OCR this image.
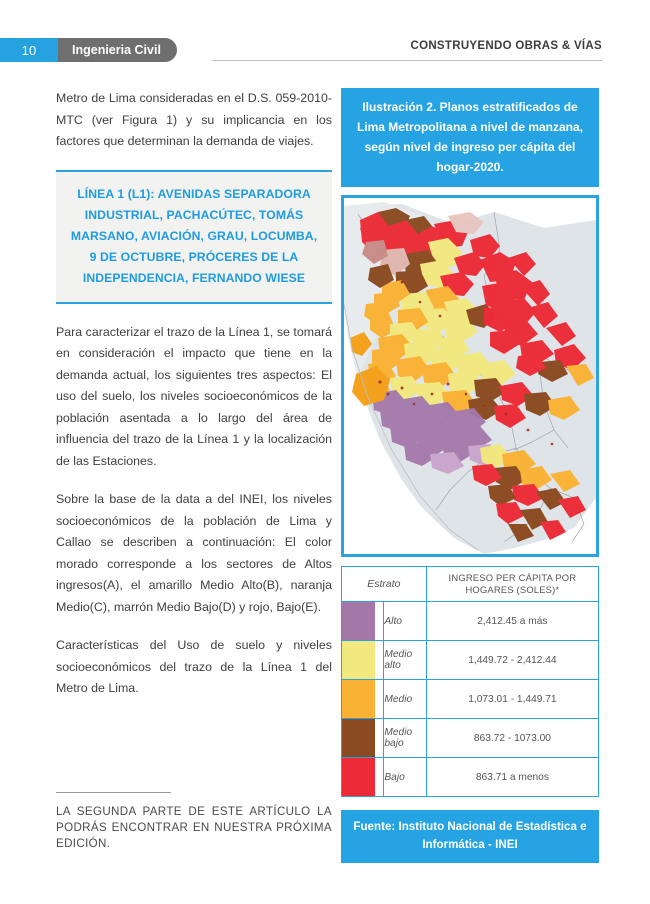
10	Ingenieria Civil	CONSTRUYENDO OBRAS & VÍAS

Metro de Lima consideradas en el D.S. 059-2010-MTC (ver Figura 1) y su implicancia en los factores que determinan la demanda de viajes.

LÍNEA 1 (L1): AVENIDAS SEPARADORA INDUSTRIAL, PACHACÚTEC, TOMÁS MARSANO, AVIACIÓN, GRAU, LOCUMBA, 9 DE OCTUBRE, PRÓCERES DE LA INDEPENDENCIA, FERNANDO WIESE

Para caracterizar el trazo de la Línea 1, se tomará en consideración el impacto que tiene en la demanda actual, los siguientes tres aspectos: El uso del suelo, los niveles socioeconómicos de la población asentada a lo largo del área de influencia del trazo de la Línea 1 y la localización de las Estaciones.

Sobre la base de la data a del INEI, los niveles socioeconómicos de la población de Lima y Callao se describen a continuación: El color morado corresponde a los sectores de Altos ingresos(A), el amarillo Medio Alto(B), naranja Medio(C), marrón Medio Bajo(D) y rojo, Bajo(E).

Características del Uso de suelo y niveles socioeconómicos del trazo de la Línea 1 del Metro de Lima.

LA SEGUNDA PARTE DE ESTE ARTÍCULO LA PODRÁS ENCONTRAR EN NUESTRA PRÓXIMA EDICIÓN.
Ilustración 2. Planos estratificados de Lima Metropolitana a nivel de manzana, según nivel de ingreso per cápita del hogar-2020.
Estrato		INGRESO PER CÁPITA POR HOGARES (SOLES)*

	Alto	2,412.45 a más

	Medio alto	1,449.72 - 2,412.44

	Medio	1,073.01 - 1,449.71

	Medio bajo	863.72 - 1073.00

	Bajo	863.71 a menos
Fuente: Instituto Nacional de Estadística e Informática - INEI
